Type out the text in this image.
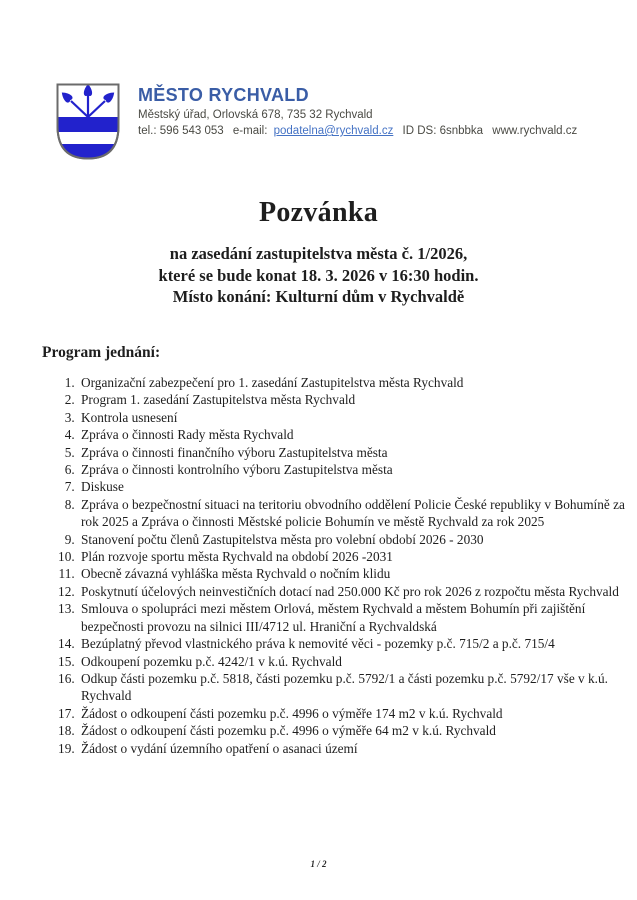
MĚSTO RYCHVALD
Městský úřad, Orlovská 678, 735 32 Rychvald
tel.: 596 543 053 e-mail: podatelna@rychvald.cz ID DS: 6snbbka www.rychvald.cz
Pozvánka
na zasedání zastupitelstva města č. 1/2026,
které se bude konat 18. 3. 2026 v 16:30 hodin.
Místo konání: Kulturní dům v Rychvaldě
Program jednání:
1. Organizační zabezpečení pro 1. zasedání Zastupitelstva města Rychvald
2. Program 1. zasedání Zastupitelstva města Rychvald
3. Kontrola usnesení
4. Zpráva o činnosti Rady města Rychvald
5. Zpráva o činnosti finančního výboru Zastupitelstva města
6. Zpráva o činnosti kontrolního výboru Zastupitelstva města
7. Diskuse
8. Zpráva o bezpečnostní situaci na teritoriu obvodního oddělení Policie České republiky v Bohumíně za rok 2025 a Zpráva o činnosti Městské policie Bohumín ve městě Rychvald za rok 2025
9. Stanovení počtu členů Zastupitelstva města pro volební období 2026 - 2030
10. Plán rozvoje sportu města Rychvald na období 2026 -2031
11. Obecně závazná vyhláška města Rychvald o nočním klidu
12. Poskytnutí účelových neinvestičních dotací nad 250.000 Kč pro rok 2026 z rozpočtu města Rychvald
13. Smlouva o spolupráci mezi městem Orlová, městem Rychvald a městem Bohumín při zajištění bezpečnosti provozu na silnici III/4712 ul. Hraniční a Rychvaldská
14. Bezúplatný převod vlastnického práva k nemovité věci - pozemky p.č. 715/2 a p.č. 715/4
15. Odkoupení pozemku p.č. 4242/1 v k.ú. Rychvald
16. Odkup části pozemku p.č. 5818, části pozemku p.č. 5792/1 a části pozemku p.č. 5792/17 vše v k.ú. Rychvald
17. Žádost o odkoupení části pozemku p.č. 4996 o výměře 174 m2 v k.ú. Rychvald
18. Žádost o odkoupení části pozemku p.č. 4996 o výměře 64 m2 v k.ú. Rychvald
19. Žádost o vydání územního opatření o asanaci území
1 / 2
